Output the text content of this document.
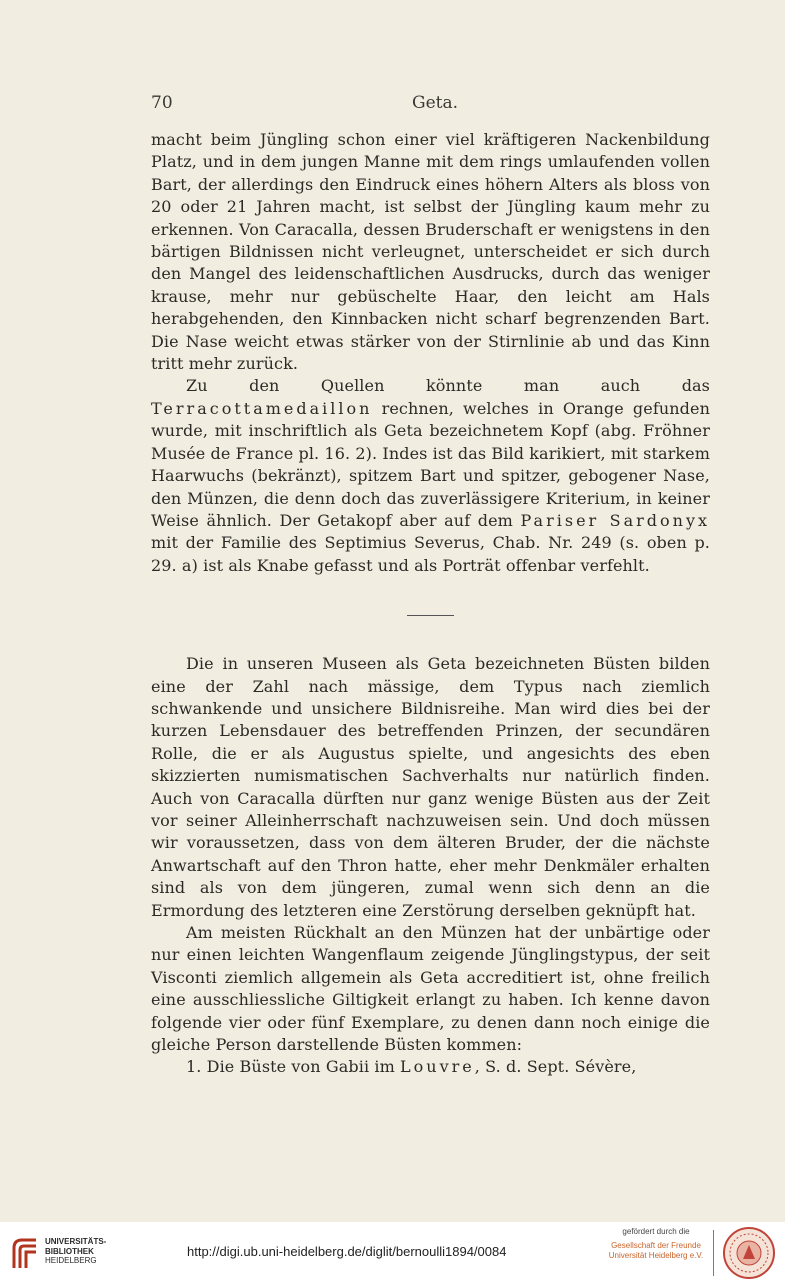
70	Geta.

macht beim Jüngling schon einer viel kräftigeren Nackenbildung Platz, und in dem jungen Manne mit dem rings umlaufenden vollen Bart, der allerdings den Eindruck eines höhern Alters als bloss von 20 oder 21 Jahren macht, ist selbst der Jüngling kaum mehr zu erkennen. Von Caracalla, dessen Bruderschaft er wenigstens in den bärtigen Bildnissen nicht verleugnet, unterscheidet er sich durch den Mangel des leidenschaftlichen Ausdrucks, durch das weniger krause, mehr nur gebüschelte Haar, den leicht am Hals herabgehenden, den Kinnbacken nicht scharf begrenzenden Bart. Die Nase weicht etwas stärker von der Stirnlinie ab und das Kinn tritt mehr zurück.

Zu den Quellen könnte man auch das Terracottamedaillon rechnen, welches in Orange gefunden wurde, mit inschriftlich als Geta bezeichnetem Kopf (abg. Fröhner Musée de France pl. 16. 2). Indes ist das Bild karikiert, mit starkem Haarwuchs (bekränzt), spitzem Bart und spitzer, gebogener Nase, den Münzen, die denn doch das zuverlässigere Kriterium, in keiner Weise ähnlich. Der Getakopf aber auf dem Pariser Sardonyx mit der Familie des Septimius Severus, Chab. Nr. 249 (s. oben p. 29. a) ist als Knabe gefasst und als Porträt offenbar verfehlt.

Die in unseren Museen als Geta bezeichneten Büsten bilden eine der Zahl nach mässige, dem Typus nach ziemlich schwankende und unsichere Bildnisreihe. Man wird dies bei der kurzen Lebensdauer des betreffenden Prinzen, der secundären Rolle, die er als Augustus spielte, und angesichts des eben skizzierten numismatischen Sachverhalts nur natürlich finden. Auch von Caracalla dürften nur ganz wenige Büsten aus der Zeit vor seiner Alleinherrschaft nachzuweisen sein. Und doch müssen wir voraussetzen, dass von dem älteren Bruder, der die nächste Anwartschaft auf den Thron hatte, eher mehr Denkmäler erhalten sind als von dem jüngeren, zumal wenn sich denn an die Ermordung des letzteren eine Zerstörung derselben geknüpft hat.

Am meisten Rückhalt an den Münzen hat der unbärtige oder nur einen leichten Wangenflaum zeigende Jünglingstypus, der seit Visconti ziemlich allgemein als Geta accreditiert ist, ohne freilich eine ausschliessliche Giltigkeit erlangt zu haben. Ich kenne davon folgende vier oder fünf Exemplare, zu denen dann noch einige die gleiche Person darstellende Büsten kommen:

1. Die Büste von Gabii im Louvre, S. d. Sept. Sévère,

UNIVERSITÄTS-
BIBLIOTHEK
HEIDELBERG
http://digi.ub.uni-heidelberg.de/diglit/bernoulli1894/0084
gefördert durch die
Gesellschaft der Freunde
Universität Heidelberg e.V.
